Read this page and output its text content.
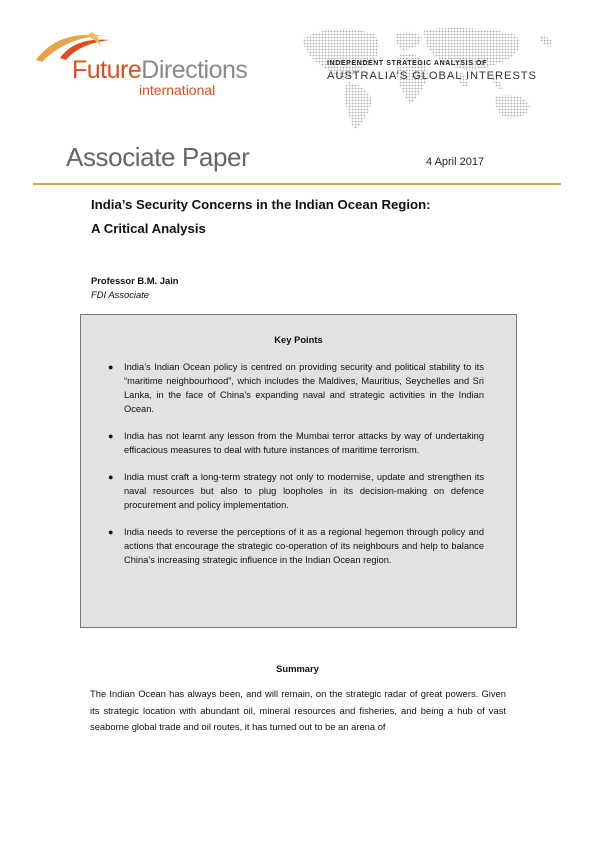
FutureDirections
international
INDEPENDENT STRATEGIC ANALYSIS OF
AUSTRALIA’S GLOBAL INTERESTS
Associate Paper	4 April 2017
India’s Security Concerns in the Indian Ocean Region:
A Critical Analysis
Professor B.M. Jain
FDI Associate
Key Points
● India’s Indian Ocean policy is centred on providing security and political stability to its “maritime neighbourhood”, which includes the Maldives, Mauritius, Seychelles and Sri Lanka, in the face of China’s expanding naval and strategic activities in the Indian Ocean.
● India has not learnt any lesson from the Mumbai terror attacks by way of undertaking efficacious measures to deal with future instances of maritime terrorism.
● India must craft a long-term strategy not only to modernise, update and strengthen its naval resources but also to plug loopholes in its decision-making on defence procurement and policy implementation.
● India needs to reverse the perceptions of it as a regional hegemon through policy and actions that encourage the strategic co-operation of its neighbours and help to balance China’s increasing strategic influence in the Indian Ocean region.
Summary
The Indian Ocean has always been, and will remain, on the strategic radar of great powers. Given its strategic location with abundant oil, mineral resources and fisheries, and being a hub of vast seaborne global trade and oil routes, it has turned out to be an arena of
